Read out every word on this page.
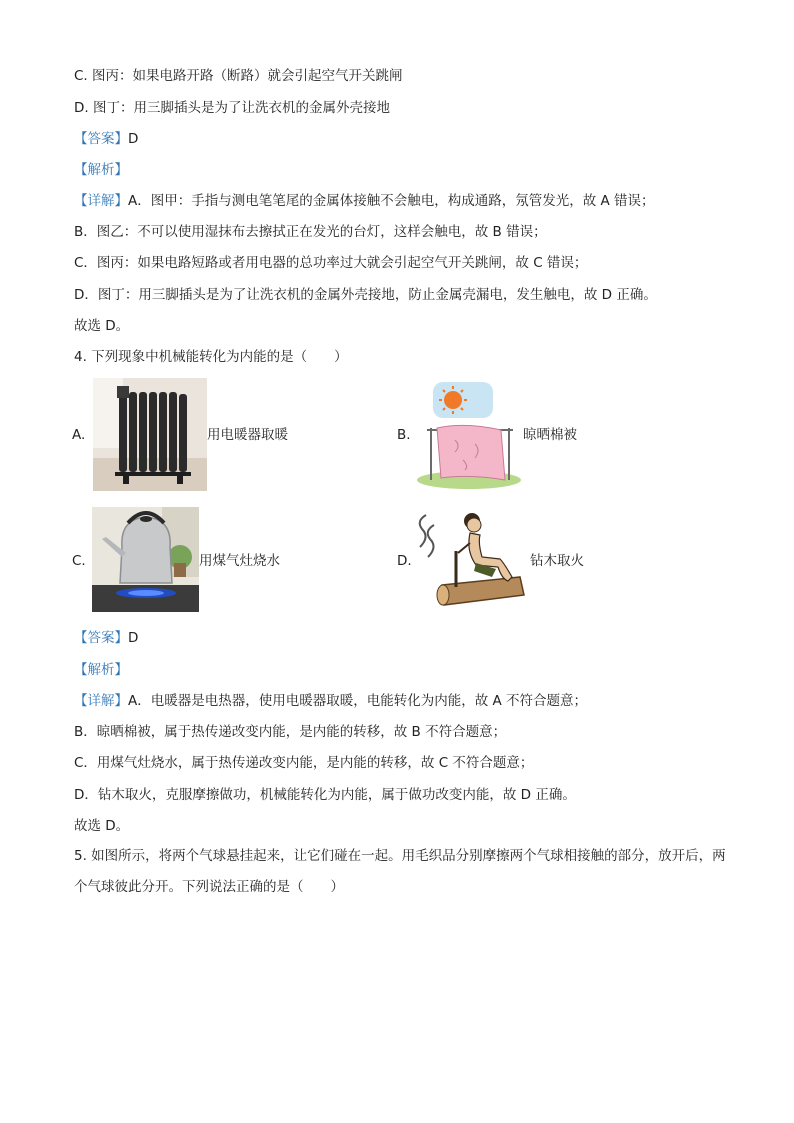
C. 图丙：如果电路开路（断路）就会引起空气开关跳闸
D. 图丁：用三脚插头是为了让洗衣机的金属外壳接地
【答案】D
【解析】
【详解】A．图甲：手指与测电笔笔尾的金属体接触不会触电，构成通路，氖管发光，故 A 错误；
B．图乙：不可以使用湿抹布去擦拭正在发光的台灯，这样会触电，故 B 错误；
C．图丙：如果电路短路或者用电器的总功率过大就会引起空气开关跳闸，故 C 错误；
D．图丁：用三脚插头是为了让洗衣机的金属外壳接地，防止金属壳漏电，发生触电，故 D 正确。
故选 D。
4. 下列现象中机械能转化为内能的是（　　）
A.	用电暖器取暖	B.	晾晒棉被
C.	用煤气灶烧水	D.	钻木取火
【答案】D
【解析】
【详解】A．电暖器是电热器，使用电暖器取暖，电能转化为内能，故 A 不符合题意；
B．晾晒棉被，属于热传递改变内能，是内能的转移，故 B 不符合题意；
C．用煤气灶烧水，属于热传递改变内能，是内能的转移，故 C 不符合题意；
D．钻木取火，克服摩擦做功，机械能转化为内能，属于做功改变内能，故 D 正确。
故选 D。
5. 如图所示，将两个气球悬挂起来，让它们碰在一起。用毛织品分别摩擦两个气球相接触的部分，放开后，两个气球彼此分开。下列说法正确的是（　　）
